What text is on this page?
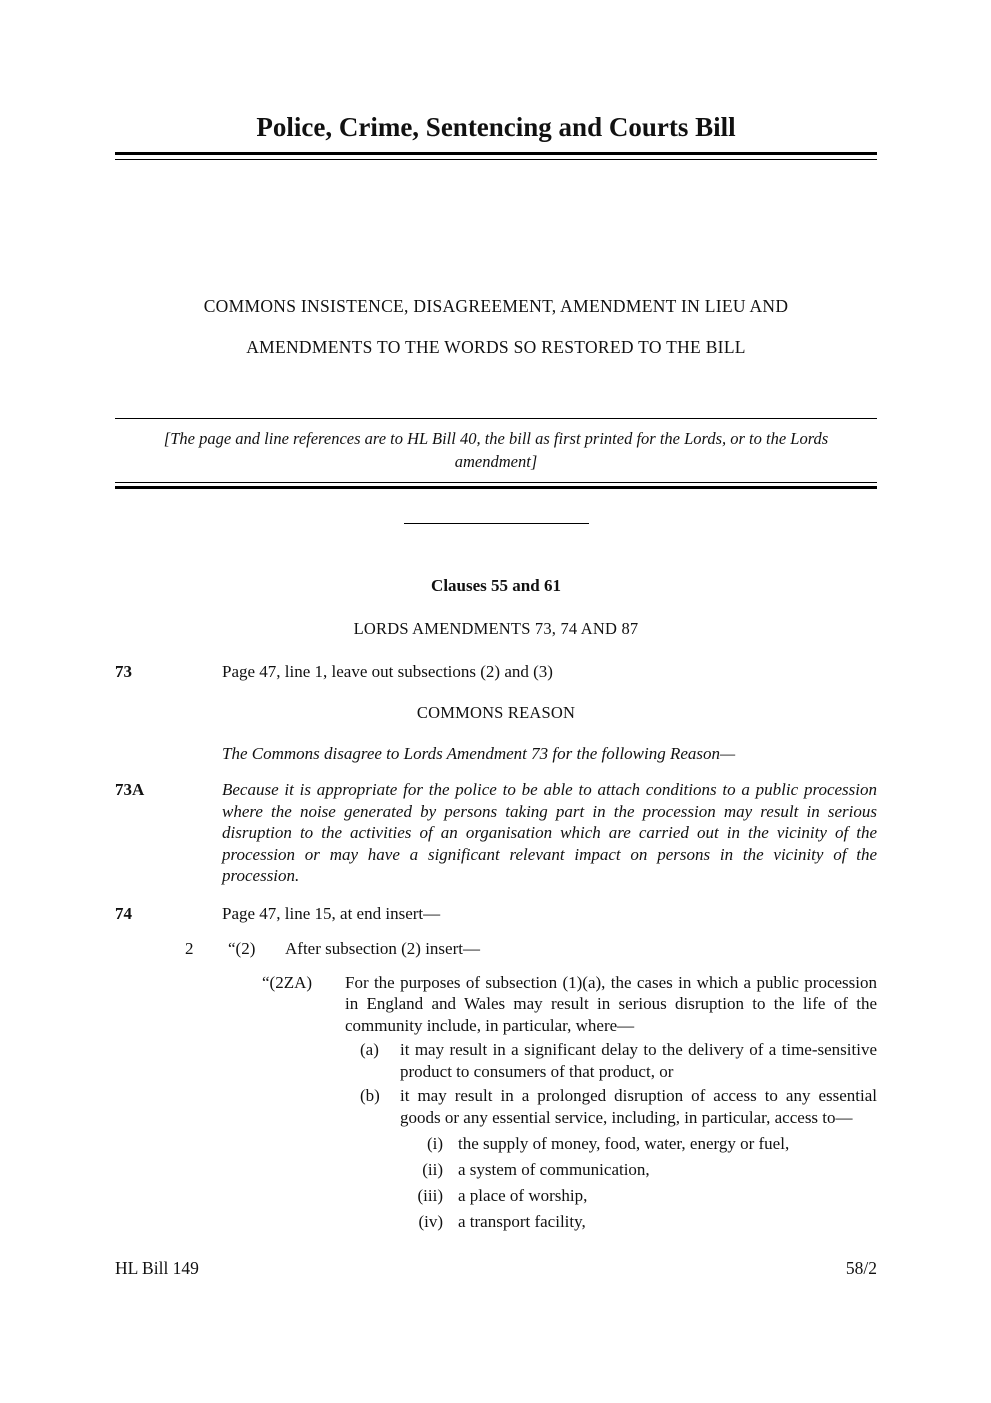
Police, Crime, Sentencing and Courts Bill
COMMONS INSISTENCE, DISAGREEMENT, AMENDMENT IN LIEU AND
AMENDMENTS TO THE WORDS SO RESTORED TO THE BILL
[The page and line references are to HL Bill 40, the bill as first printed for the Lords, or to the Lords amendment]
Clauses 55 and 61
LORDS AMENDMENTS 73, 74 AND 87
73	Page 47, line 1, leave out subsections (2) and (3)
COMMONS REASON
The Commons disagree to Lords Amendment 73 for the following Reason—
73A	Because it is appropriate for the police to be able to attach conditions to a public procession where the noise generated by persons taking part in the procession may result in serious disruption to the activities of an organisation which are carried out in the vicinity of the procession or may have a significant relevant impact on persons in the vicinity of the procession.
74	Page 47, line 15, at end insert—
2	“(2)	After subsection (2) insert—
“(2ZA)	For the purposes of subsection (1)(a), the cases in which a public procession in England and Wales may result in serious disruption to the life of the community include, in particular, where—
(a)	it may result in a significant delay to the delivery of a time-sensitive product to consumers of that product, or
(b)	it may result in a prolonged disruption of access to any essential goods or any essential service, including, in particular, access to—
(i) the supply of money, food, water, energy or fuel,
(ii) a system of communication,
(iii) a place of worship,
(iv) a transport facility,
HL Bill 149	58/2
